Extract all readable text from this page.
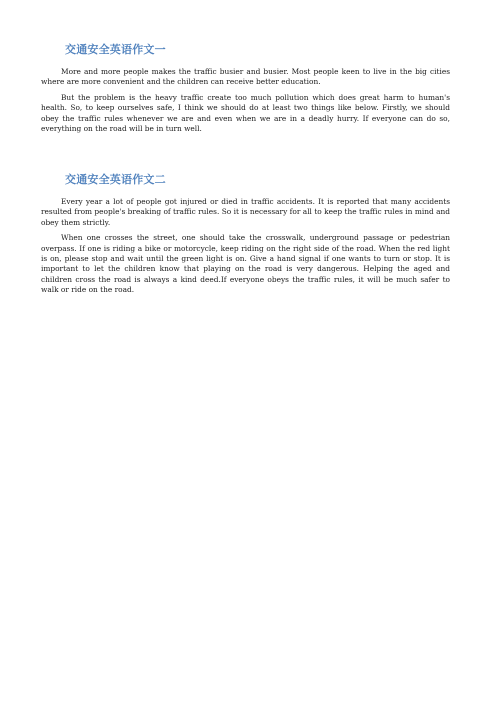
交通安全英语作文一

More and more people makes the traffic busier and busier. Most people keen to live in the big cities where are more convenient and the children can receive better education.

But the problem is the heavy traffic create too much pollution which does great harm to human's health. So, to keep ourselves safe, I think we should do at least two things like below. Firstly, we should obey the traffic rules whenever we are and even when we are in a deadly hurry. If everyone can do so, everything on the road will be in turn well.

交通安全英语作文二

Every year a lot of people got injured or died in traffic accidents. It is reported that many accidents resulted from people's breaking of traffic rules. So it is necessary for all to keep the traffic rules in mind and obey them strictly.

When one crosses the street, one should take the crosswalk, underground passage or pedestrian overpass. If one is riding a bike or motorcycle, keep riding on the right side of the road. When the red light is on, please stop and wait until the green light is on. Give a hand signal if one wants to turn or stop. It is important to let the children know that playing on the road is very dangerous. Helping the aged and children cross the road is always a kind deed.If everyone obeys the traffic rules, it will be much safer to walk or ride on the road.
